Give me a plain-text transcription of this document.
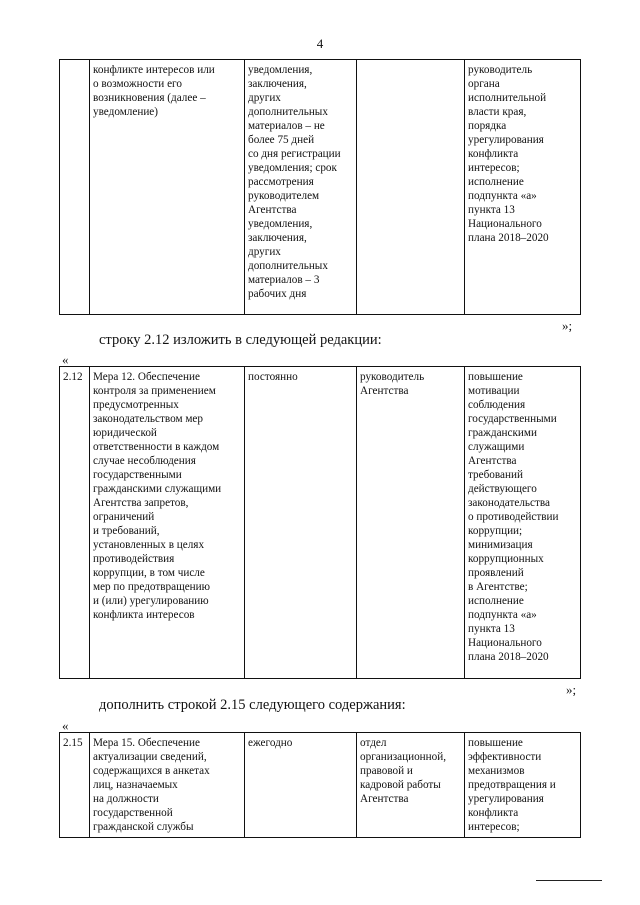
4
	конфликте интересов или
о возможности его
возникновения (далее –
уведомление)	уведомления,
заключения,
других
дополнительных
материалов – не
более 75 дней
со дня регистрации
уведомления; срок
рассмотрения
руководителем
Агентства
уведомления,
заключения,
других
дополнительных
материалов – 3
рабочих дня		руководитель
органа
исполнительной
власти края,
порядка
урегулирования
конфликта
интересов;
исполнение
подпункта «а»
пункта 13
Национального
плана 2018–2020
»;
строку 2.12 изложить в следующей редакции:
«
2.12	Мера 12. Обеспечение
контроля за применением
предусмотренных
законодательством мер
юридической
ответственности в каждом
случае несоблюдения
государственными
гражданскими служащими
Агентства запретов,
ограничений
и требований,
установленных в целях
противодействия
коррупции, в том числе
мер по предотвращению
и (или) урегулированию
конфликта интересов	постоянно	руководитель
Агентства	повышение
мотивации
соблюдения
государственными
гражданскими
служащими
Агентства
требований
действующего
законодательства
о противодействии
коррупции;
минимизация
коррупционных
проявлений
в Агентстве;
исполнение
подпункта «а»
пункта 13
Национального
плана 2018–2020
»;
дополнить строкой 2.15 следующего содержания:
«
2.15	Мера 15. Обеспечение
актуализации сведений,
содержащихся в анкетах
лиц, назначаемых
на должности
государственной
гражданской службы	ежегодно	отдел
организационной,
правовой и
кадровой работы
Агентства	повышение
эффективности
механизмов
предотвращения и
урегулирования
конфликта
интересов;
